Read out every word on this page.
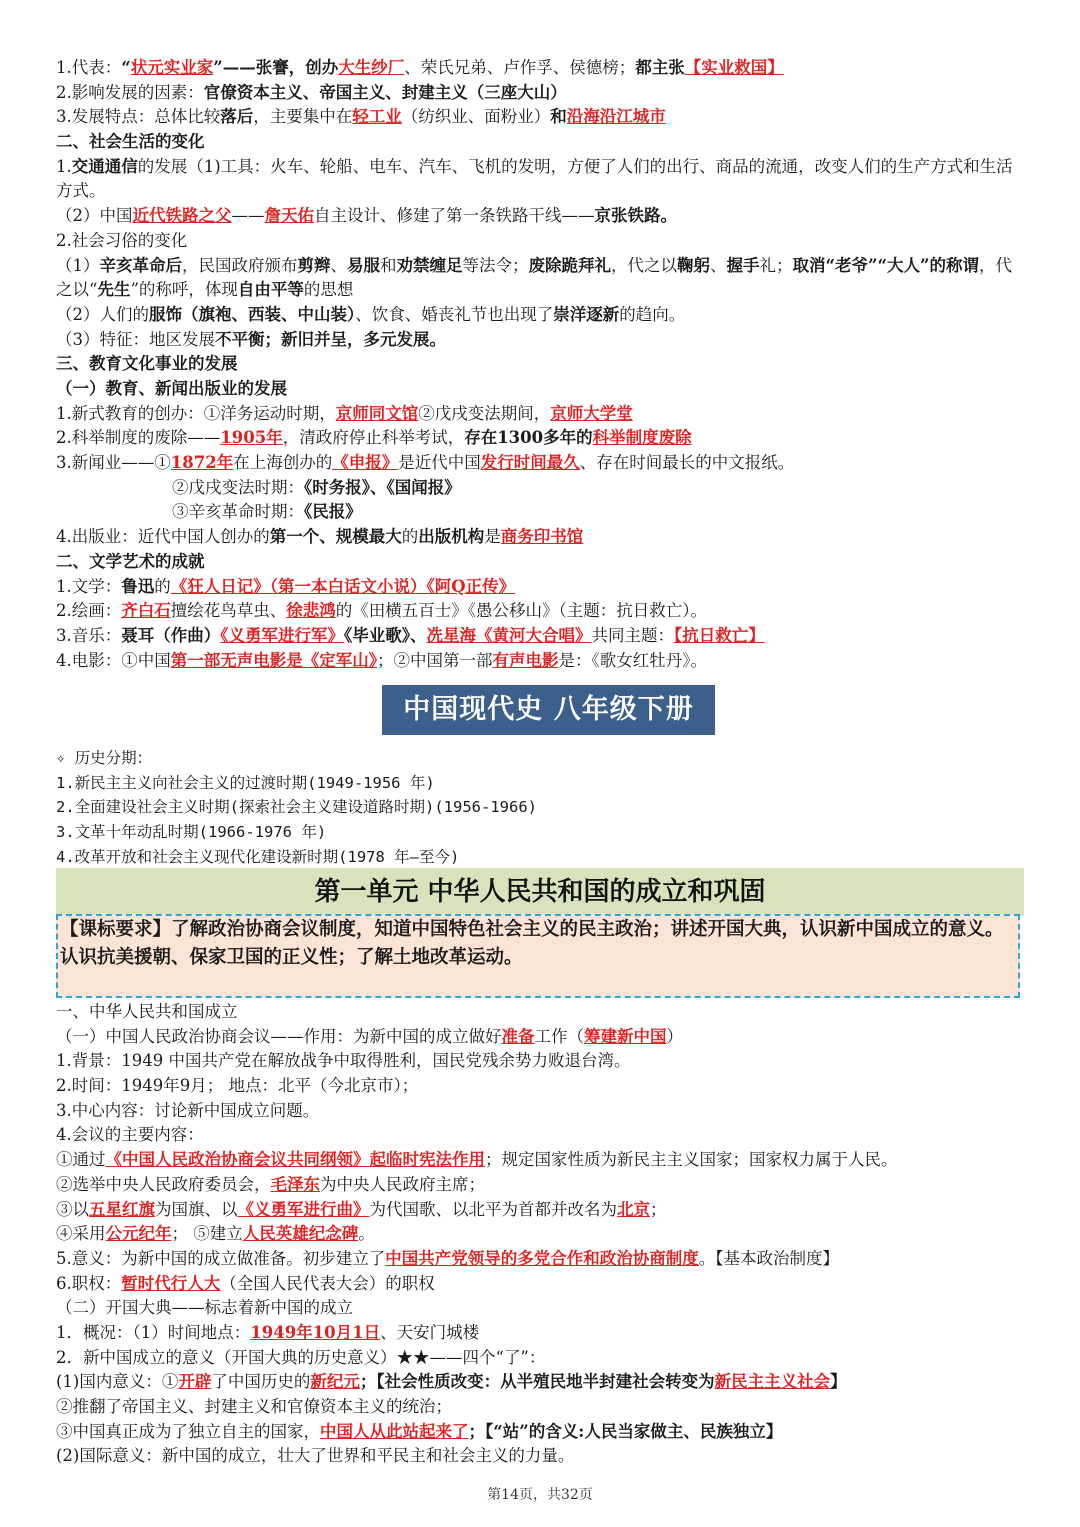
1.代表：“状元实业家”——张謇，创办大生纱厂、荣氏兄弟、卢作孚、侯德榜；都主张【实业救国】
2.影响发展的因素：官僚资本主义、帝国主义、封建主义（三座大山）
3.发展特点：总体比较落后，主要集中在轻工业（纺织业、面粉业）和沿海沿江城市
二、社会生活的变化
1.交通通信的发展（1)工具：火车、轮船、电车、汽车、飞机的发明，方便了人们的出行、商品的流通，改变人们的生产方式和生活方式。
（2）中国近代铁路之父——詹天佑自主设计、修建了第一条铁路干线——京张铁路。
2.社会习俗的变化
（1）辛亥革命后，民国政府颁布剪辫、易服和劝禁缠足等法令；废除跪拜礼，代之以鞠躬、握手礼；取消“老爷”“大人”的称谓，代之以“先生”的称呼，体现自由平等的思想
（2）人们的服饰（旗袍、西装、中山装）、饮食、婚丧礼节也出现了崇洋逐新的趋向。
（3）特征：地区发展不平衡；新旧并呈，多元发展。
三、教育文化事业的发展
（一）教育、新闻出版业的发展
1.新式教育的创办：①洋务运动时期，京师同文馆②戊戌变法期间，京师大学堂
2.科举制度的废除——1905年，清政府停止科举考试，存在1300多年的科举制度废除
3.新闻业——①1872年在上海创办的《申报》是近代中国发行时间最久、存在时间最长的中文报纸。
②戊戌变法时期：《时务报》、《国闻报》
③辛亥革命时期：《民报》
4.出版业：近代中国人创办的第一个、规模最大的出版机构是商务印书馆
二、文学艺术的成就
1.文学：鲁迅的《狂人日记》（第一本白话文小说）《阿Q正传》
2.绘画：齐白石擅绘花鸟草虫、徐悲鸿的《田横五百士》《愚公移山》（主题：抗日救亡）。
3.音乐：聂耳（作曲）《义勇军进行军》《毕业歌》、冼星海《黄河大合唱》共同主题：【抗日救亡】
4.电影：①中国第一部无声电影是《定军山》；②中国第一部有声电影是：《歌女红牡丹》。
中国现代史 八年级下册
✧ 历史分期：
1.新民主主义向社会主义的过渡时期(1949-1956 年)
2.全面建设社会主义时期(探索社会主义建设道路时期)(1956-1966)
3.文革十年动乱时期(1966-1976 年)
4.改革开放和社会主义现代化建设新时期(1978 年—至今)
第一单元 中华人民共和国的成立和巩固
【课标要求】了解政治协商会议制度，知道中国特色社会主义的民主政治；讲述开国大典，认识新中国成立的意义。
认识抗美援朝、保家卫国的正义性；了解土地改革运动。
一、中华人民共和国成立
（一）中国人民政治协商会议——作用：为新中国的成立做好准备工作（筹建新中国）
1.背景：1949 中国共产党在解放战争中取得胜利，国民党残余势力败退台湾。
2.时间：1949年9月； 地点：北平（今北京市）；
3.中心内容：讨论新中国成立问题。
4.会议的主要内容：
①通过《中国人民政治协商会议共同纲领》起临时宪法作用；规定国家性质为新民主主义国家；国家权力属于人民。
②选举中央人民政府委员会，毛泽东为中央人民政府主席；
③以五星红旗为国旗、以《义勇军进行曲》为代国歌、以北平为首都并改名为北京；
④采用公元纪年； ⑤建立人民英雄纪念碑。
5.意义：为新中国的成立做准备。初步建立了中国共产党领导的多党合作和政治协商制度。【基本政治制度】
6.职权：暂时代行人大（全国人民代表大会）的职权
（二）开国大典——标志着新中国的成立
1．概况：（1）时间地点：1949年10月1日、天安门城楼
2．新中国成立的意义（开国大典的历史意义）★★——四个“了”：
(1)国内意义：①开辟了中国历史的新纪元；【社会性质改变：从半殖民地半封建社会转变为新民主主义社会】
②推翻了帝国主义、封建主义和官僚资本主义的统治；
③中国真正成为了独立自主的国家，中国人从此站起来了；【“站”的含义:人民当家做主、民族独立】
(2)国际意义：新中国的成立，壮大了世界和平民主和社会主义的力量。
第14页，共32页
